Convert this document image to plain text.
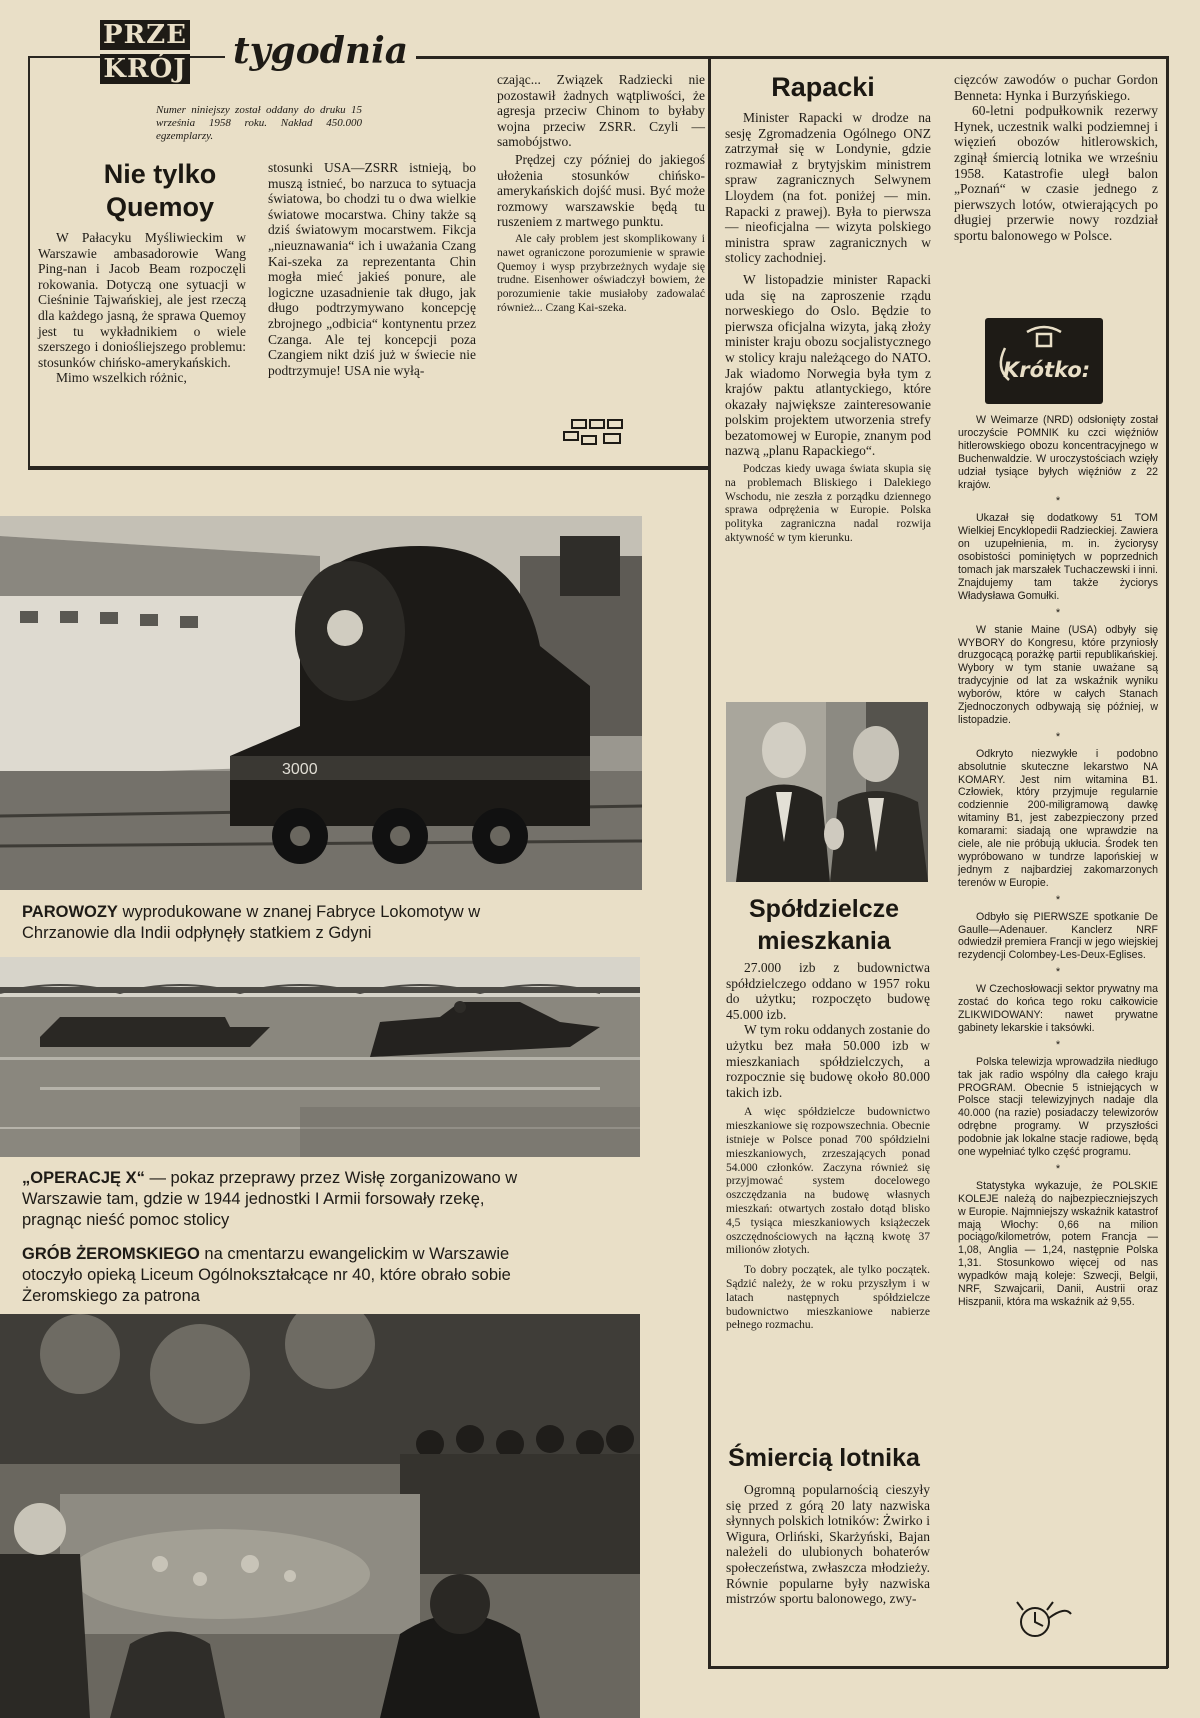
PRZE
KRÓJ tygodnia
Numer niniejszy został oddany do druku 15 września 1958 roku. Nakład 450.000 egzemplarzy.
Nie tylko
Quemoy

W Pałacyku Myśliwieckim w Warszawie ambasadorowie Wang Ping-nan i Jacob Beam rozpoczęli rokowania. Dotyczą one sytuacji w Cieśninie Tajwańskiej, ale jest rzeczą dla każdego jasną, że sprawa Quemoy jest tu wykładnikiem o wiele szerszego i doniośliejszego problemu: stosunków chińsko-amerykańskich.

Mimo wszelkich różnic,

stosunki USA—ZSRR istnieją, bo muszą istnieć, bo narzuca to sytuacja światowa, bo chodzi tu o dwa wielkie światowe mocarstwa. Chiny także są dziś światowym mocarstwem. Fikcja „nieuznawania“ ich i uważania Czang Kai-szeka za reprezentanta Chin mogła mieć jakieś ponure, ale logiczne uzasadnienie tak długo, jak długo podtrzymywano koncepcję zbrojnego „odbicia“ kontynentu przez Czanga. Ale tej koncepcji poza Czangiem nikt dziś już w świecie nie podtrzymuje! USA nie wyłą-

czając... Związek Radziecki nie pozostawił żadnych wątpliwości, że agresja przeciw Chinom to byłaby wojna przeciw ZSRR. Czyli — samobójstwo.

Prędzej czy później do jakiegoś ułożenia stosunków chińsko-amerykańskich dojść musi. Być może rozmowy warszawskie będą tu ruszeniem z martwego punktu.

Ale cały problem jest skomplikowany i nawet ograniczone porozumienie w sprawie Quemoy i wysp przybrzeżnych wydaje się trudne. Eisenhower oświadczył bowiem, że porozumienie takie musiałoby zadowalać również... Czang Kai-szeka.

Rapacki

Minister Rapacki w drodze na sesję Zgromadzenia Ogólnego ONZ zatrzymał się w Londynie, gdzie rozmawiał z brytyjskim ministrem spraw zagranicznych Selwynem Lloydem (na fot. poniżej — min. Rapacki z prawej). Była to pierwsza — nieoficjalna — wizyta polskiego ministra spraw zagranicznych w stolicy zachodniej.

W listopadzie minister Rapacki uda się na zaproszenie rządu norweskiego do Oslo. Będzie to pierwsza oficjalna wizyta, jaką złoży minister kraju obozu socjalistycznego w stolicy kraju należącego do NATO. Jak wiadomo Norwegia była tym z krajów paktu atlantyckiego, które okazały największe zainteresowanie polskim projektem utworzenia strefy bezatomowej w Europie, znanym pod nazwą „planu Rapackiego“.

Podczas kiedy uwaga świata skupia się na problemach Bliskiego i Dalekiego Wschodu, nie zeszła z porządku dziennego sprawa odprężenia w Europie. Polska polityka zagraniczna nadal rozwija aktywność w tym kierunku.

Spółdzielcze
mieszkania

27.000 izb z budownictwa spółdzielczego oddano w 1957 roku do użytku; rozpoczęto budowę 45.000 izb.

W tym roku oddanych zostanie do użytku bez mała 50.000 izb w mieszkaniach spółdzielczych, a rozpocznie się budowę około 80.000 takich izb.

A więc spółdzielcze budownictwo mieszkaniowe się rozpowszechnia. Obecnie istnieje w Polsce ponad 700 spółdzielni mieszkaniowych, zrzeszających ponad 54.000 członków. Zaczyna również się przyjmować system docelowego oszczędzania na budowę własnych mieszkań: otwartych zostało dotąd blisko 4,5 tysiąca mieszkaniowych książeczek oszczędnościowych na łączną kwotę 37 milionów złotych.

To dobry początek, ale tylko początek. Sądzić należy, że w roku przyszłym i w latach następnych spółdzielcze budownictwo mieszkaniowe nabierze pełnego rozmachu.

Śmiercią lotnika

Ogromną popularnością cieszyły się przed z górą 20 laty nazwiska słynnych polskich lotników: Żwirko i Wigura, Orliński, Skarżyński, Bajan należeli do ulubionych bohaterów społeczeństwa, zwłaszcza młodzieży. Równie popularne były nazwiska mistrzów sportu balonowego, zwy-

cięzców zawodów o puchar Gordon Benneta: Hynka i Burzyńskiego.

60-letni podpułkownik rezerwy Hynek, uczestnik walki podziemnej i więzień obozów hitlerowskich, zginął śmiercią lotnika we wrześniu 1958. Katastrofie uległ balon „Poznań“ w czasie jednego z pierwszych lotów, otwierających po długiej przerwie nowy rozdział sportu balonowego w Polsce.

Krótko:

W Weimarze (NRD) odsłonięty został uroczyście POMNIK ku czci więźniów hitlerowskiego obozu koncentracyjnego w Buchenwaldzie. W uroczystościach wzięły udział tysiące byłych więźniów z 22 krajów.

*

Ukazał się dodatkowy 51 TOM Wielkiej Encyklopedii Radzieckiej. Zawiera on uzupełnienia, m. in. życiorysy osobistości pominiętych w poprzednich tomach jak marszałek Tuchaczewski i inni. Znajdujemy tam także życiorys Władysława Gomułki.

*

W stanie Maine (USA) odbyły się WYBORY do Kongresu, które przyniosły druzgocącą porażkę partii republikańskiej. Wybory w tym stanie uważane są tradycyjnie od lat za wskaźnik wyniku wyborów, które w całych Stanach Zjednoczonych odbywają się później, w listopadzie.

*

Odkryto niezwykłe i podobno absolutnie skuteczne lekarstwo NA KOMARY. Jest nim witamina B1. Człowiek, który przyjmuje regularnie codziennie 200-miligramową dawkę witaminy B1, jest zabezpieczony przed komarami: siadają one wprawdzie na ciele, ale nie próbują ukłucia. Środek ten wypróbowano w tundrze lapońskiej w jednym z najbardziej zakomarzonych terenów w Europie.

*

Odbyło się PIERWSZE spotkanie De Gaulle—Adenauer. Kanclerz NRF odwiedził premiera Francji w jego wiejskiej rezydencji Colombey-Les-Deux-Eglises.

*

W Czechosłowacji sektor prywatny ma zostać do końca tego roku całkowicie ZLIKWIDOWANY: nawet prywatne gabinety lekarskie i taksówki.

*

Polska telewizja wprowadziła niedługo tak jak radio wspólny dla całego kraju PROGRAM. Obecnie 5 istniejących w Polsce stacji telewizyjnych nadaje dla 40.000 (na razie) posiadaczy telewizorów odrębne programy. W przyszłości podobnie jak lokalne stacje radiowe, będą one wypełniać tylko część programu.

*

Statystyka wykazuje, że POLSKIE KOLEJE należą do najbezpieczniejszych w Europie. Najmniejszy wskaźnik katastrof mają Włochy: 0,66 na milion pociągo/kilometrów, potem Francja — 1,08, Anglia — 1,24, następnie Polska 1,31. Stosunkowo więcej od nas wypadków mają koleje: Szwecji, Belgii, NRF, Szwajcarii, Danii, Austrii oraz Hiszpanii, która ma wskaźnik aż 9,55.

3000
PAROWOZY wyprodukowane w znanej Fabryce Lokomotyw w Chrzanowie dla Indii odpłynęły statkiem z Gdyni
„OPERACJĘ X“ — pokaz przeprawy przez Wisłę zorganizowano w Warszawie tam, gdzie w 1944 jednostki I Armii forsowały rzekę, pragnąc nieść pomoc stolicy
GRÓB ŻEROMSKIEGO na cmentarzu ewangelickim w Warszawie otoczyło opieką Liceum Ogólnokształcące nr 40, które obrało sobie Żeromskiego za patrona
